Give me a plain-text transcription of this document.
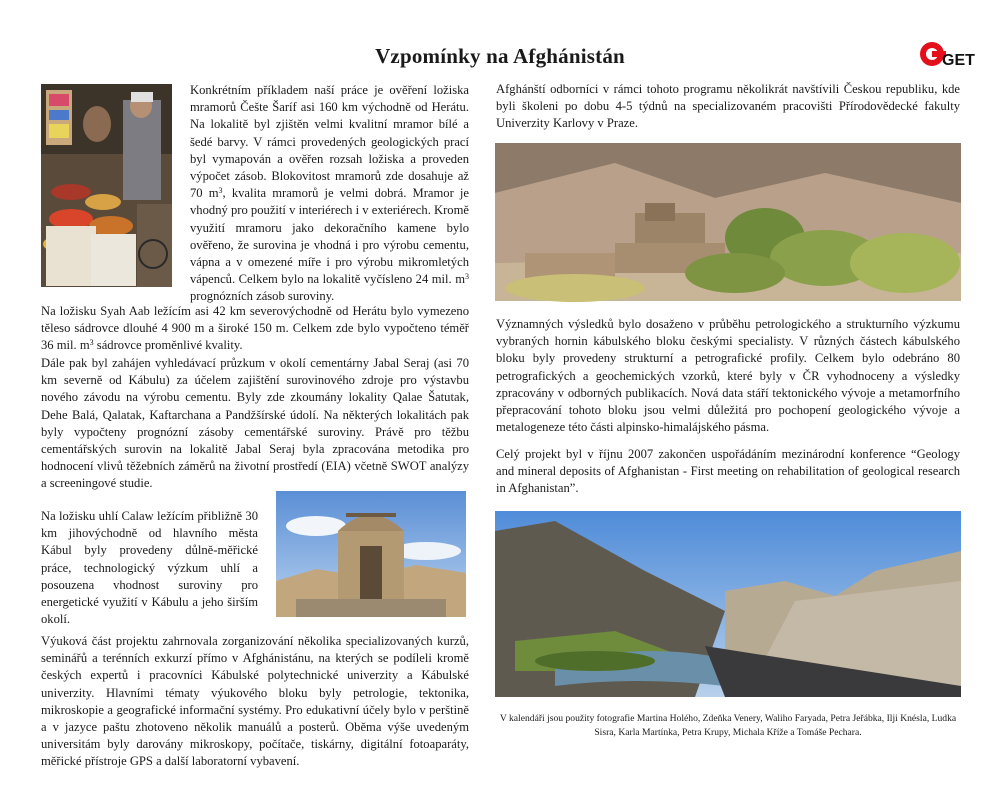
Vzpomínky na Afghánistán	GET

Konkrétním příkladem naší práce je ověření ložiska mramorů Češte Šaríf asi 160 km východně od Herátu. Na lokalitě byl zjištěn velmi kvalitní mramor bílé a šedé barvy. V rámci provedených geologických prací byl vymapován a ověřen rozsah ložiska a proveden výpočet zásob. Blokovitost mramorů zde dosahuje až 70 $m^3$, kvalita mramorů je velmi dobrá. Mramor je vhodný pro použití v interiérech i v exteriérech. Kromě využití mramoru jako dekoračního kamene bylo ověřeno, že surovina je vhodná i pro výrobu cementu, vápna a v omezené míře i pro výrobu mikromletých vápenců. Celkem bylo na lokalitě vyčísleno 24 mil. $m^3$ prognózních zásob suroviny.

Na ložisku Syah Aab ležícím asi 42 km severovýchodně od Herátu bylo vymezeno těleso sádrovce dlouhé 4 900 m a široké 150 m. Celkem zde bylo vypočteno téměř 36 mil. $m^3$ sádrovce proměnlivé kvality.

Dále pak byl zahájen vyhledávací průzkum v okolí cementárny Jabal Seraj (asi 70 km severně od Kábulu) za účelem zajištění surovinového zdroje pro výstavbu nového závodu na výrobu cementu. Byly zde zkoumány lokality Qalae Šatutak, Dehe Balá, Qalatak, Kaftarchana a Pandžšírské údolí. Na některých lokalitách pak byly vypočteny prognózní zásoby cementářské suroviny. Právě pro těžbu cementářských surovin na lokalitě Jabal Seraj byla zpracována metodika pro hodnocení vlivů těžebních záměrů na životní prostředí (EIA) včetně SWOT analýzy a screeningové studie.
Na ložisku uhlí Calaw ležícím přibližně 30 km jihovýchodně od hlavního města Kábul byly provedeny důlně-měřické práce, technologický výzkum uhlí a posouzena vhodnost suroviny pro energetické využití v Kábulu a jeho širším okolí.
Výuková část projektu zahrnovala zorganizování několika specializovaných kurzů, seminářů a terénních exkurzí přímo v Afghánistánu, na kterých se podíleli kromě českých expertů i pracovníci Kábulské polytechnické univerzity a Kábulské univerzity. Hlavními tématy výukového bloku byly petrologie, tektonika, mikroskopie a geografické informační systémy. Pro edukativní účely bylo v perštině a v jazyce paštu zhotoveno několik manuálů a posterů. Oběma výše uvedeným universitám byly darovány mikroskopy, počítače, tiskárny, digitální fotoaparáty, měřické přístroje GPS a další laboratorní vybavení.
Afghánští odborníci v rámci tohoto programu několikrát navštívili Českou republiku, kde byli školeni po dobu 4-5 týdnů na specializovaném pracovišti Přírodovědecké fakulty Univerzity Karlovy v Praze.
Významných výsledků bylo dosaženo v průběhu petrologického a strukturního výzkumu vybraných hornin kábulského bloku českými specialisty. V různých částech kábulského bloku byly provedeny strukturní a petrografické profily. Celkem bylo odebráno 80 petrografických a geochemických vzorků, které byly v ČR vyhodnoceny a výsledky zpracovány v odborných publikacích. Nová data stáří tektonického vývoje a metamorfního přepracování tohoto bloku jsou velmi důležitá pro pochopení geologického vývoje a metalogeneze této části alpinsko-himalájského pásma.
Celý projekt byl v říjnu 2007 zakončen uspořádáním mezinárodní konference “Geology and mineral deposits of Afghanistan - First meeting on rehabilitation of geological research in Afghanistan”.
V kalendáři jsou použity fotografie Martina Holého, Zdeňka Venery, Waliho Faryada, Petra Jeřábka, Ilji Knésla, Ludka Sisra, Karla Martínka, Petra Krupy, Michala Kříže a Tomáše Pechara.
